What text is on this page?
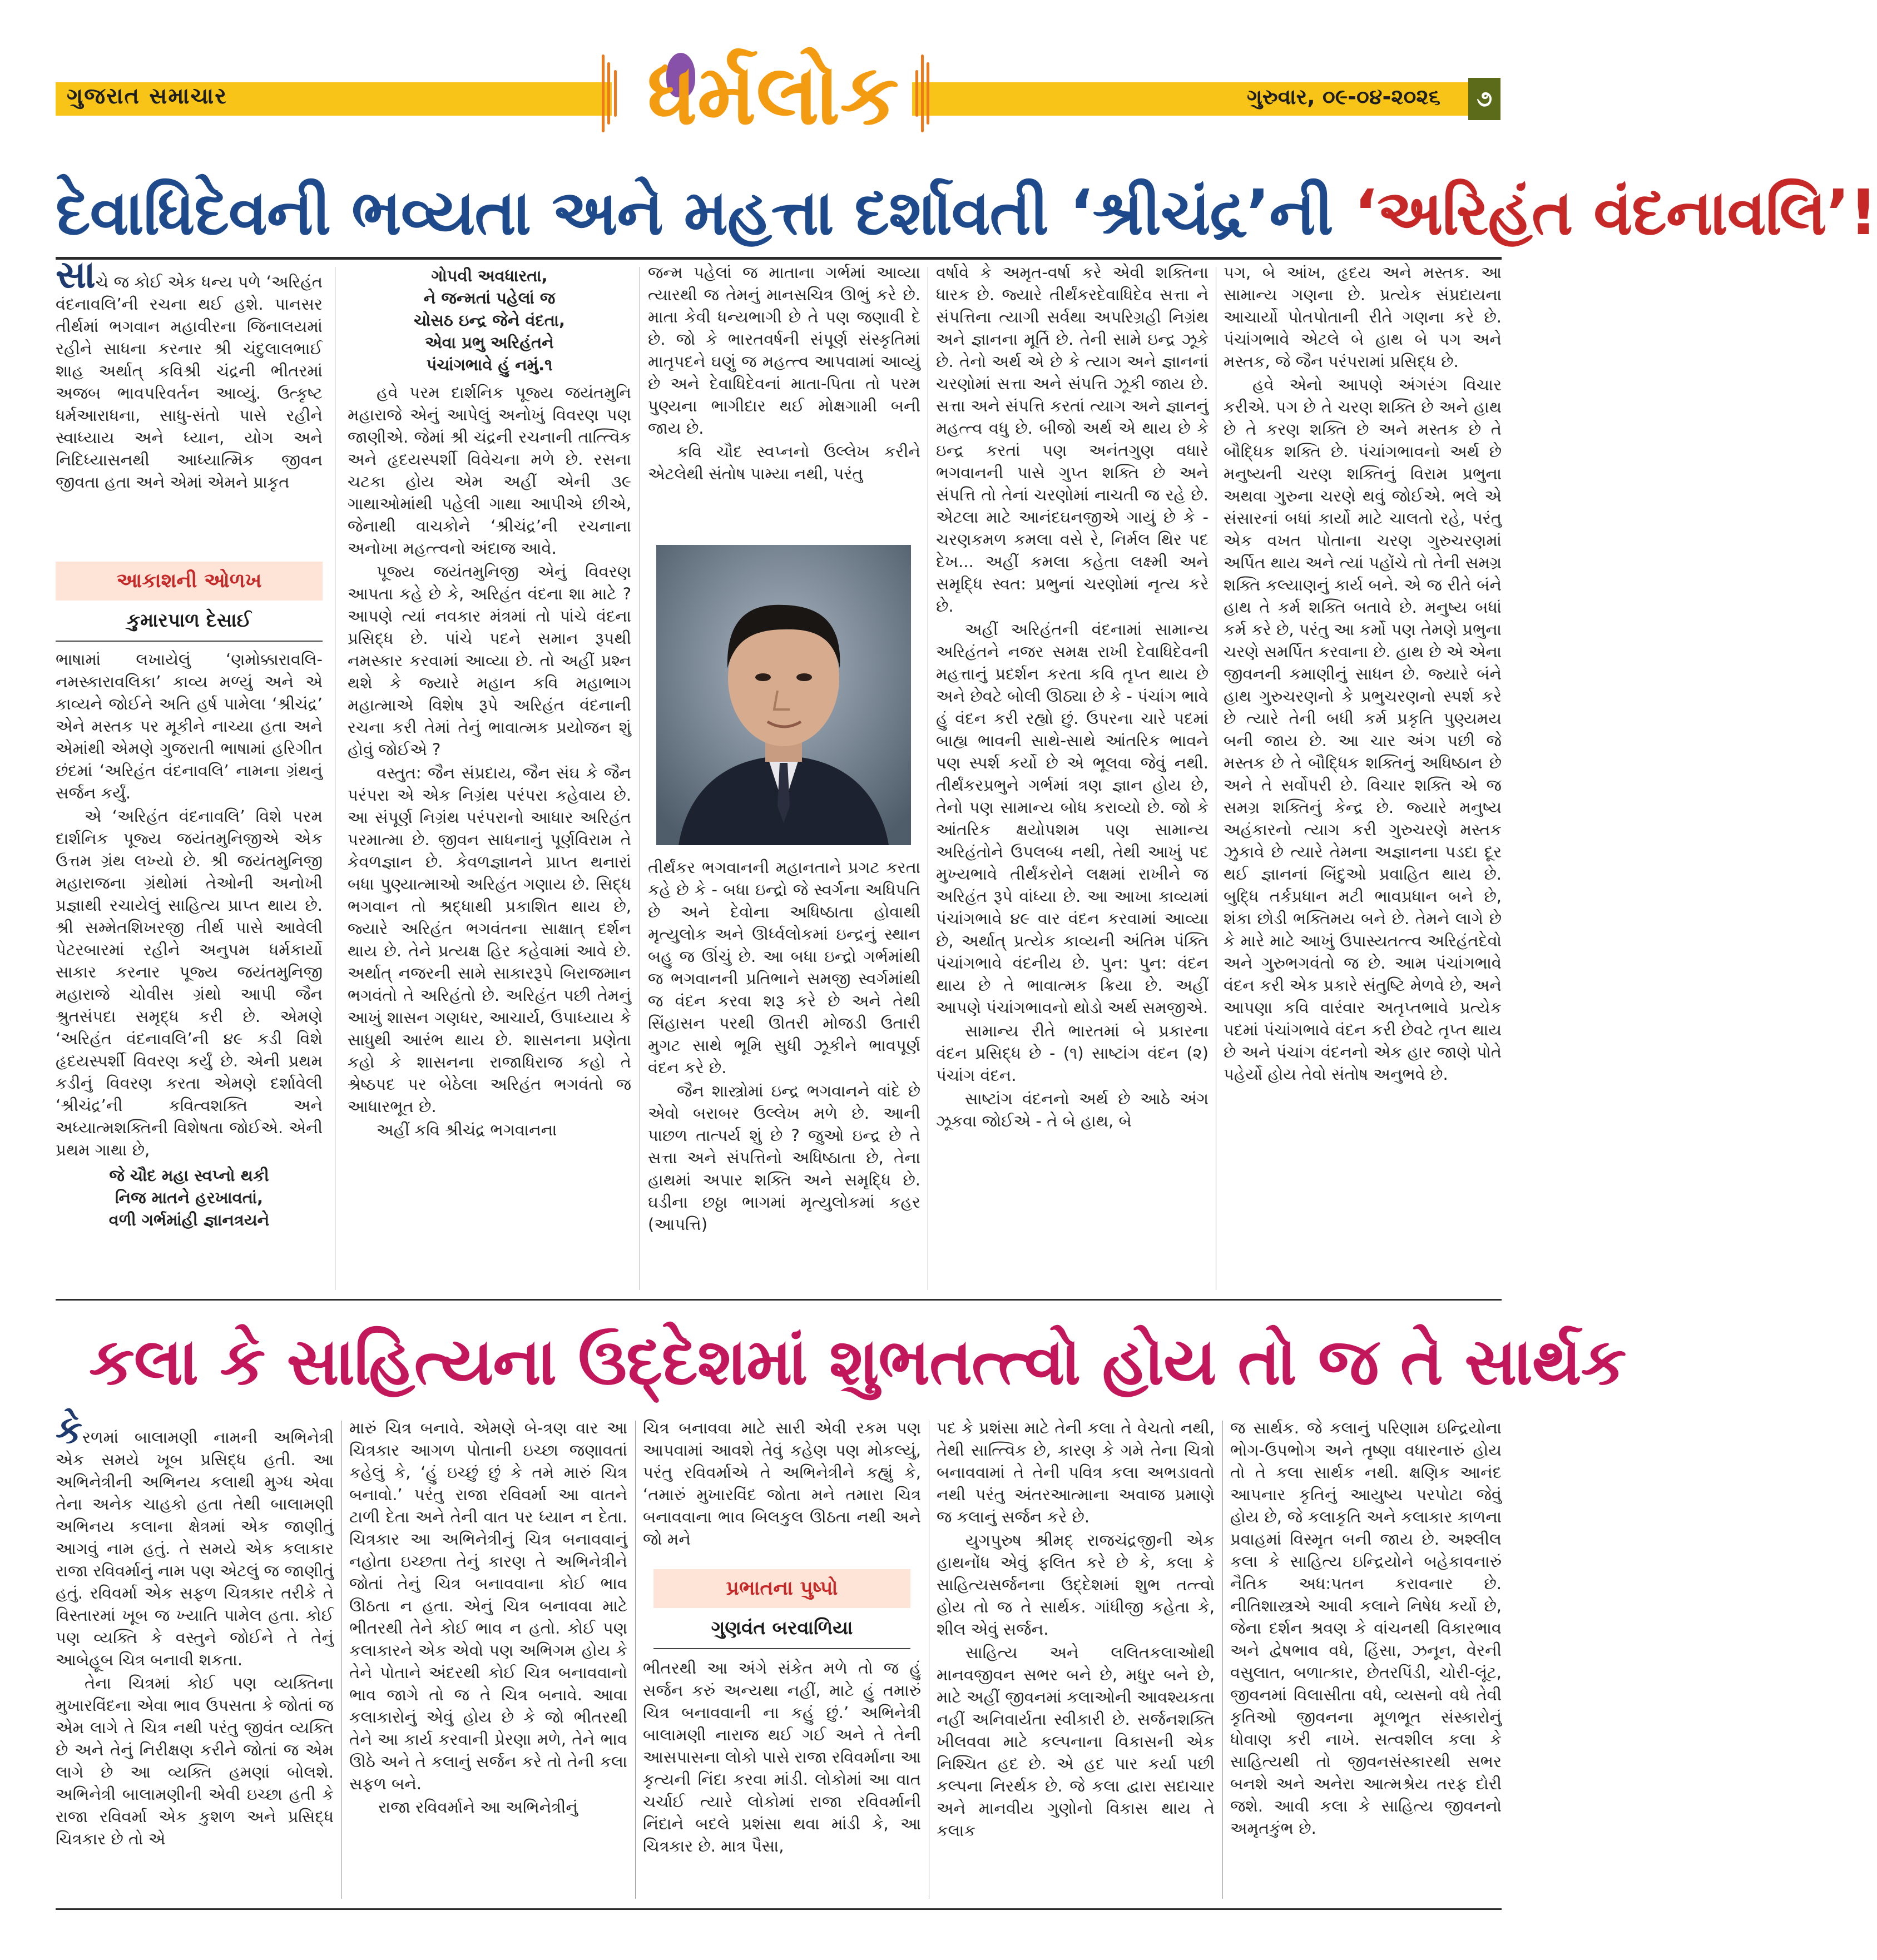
ગુજરાત સમાચાર	ધર્મલોક	ગુરુવાર, ૦૯-૦૪-૨૦૨૬	૭
દેવાધિદેવની ભવ્યતા અને મહત્તા દર્શાવતી ‘શ્રીચંદ્ર’ની ‘અરિહંત વંદનાવલિ’!

સાચે જ કોઈ એક ધન્ય પળે ‘અરિહંત વંદનાવલિ’ની રચના થઈ હશે. પાનસર તીર્થમાં ભગવાન મહાવીરના જિનાલયમાં રહીને સાધના કરનાર શ્રી ચંદુલાલભાઈ શાહ અર્થાત્ કવિશ્રી ચંદ્રની ભીતરમાં અજબ ભાવપરિવર્તન આવ્યું. ઉત્કૃષ્ટ ધર્મઆરાધના, સાધુ-સંતો પાસે રહીને સ્વાધ્યાય અને ધ્યાન, યોગ અને નિદિધ્યાસનથી આધ્યાત્મિક જીવન જીવતા હતા અને એમાં એમને પ્રાકૃત

આકાશની ઓળખ
કુમારપાળ દેસાઈ

ભાષામાં લખાયેલું ‘ણમોક્કારાવલિ-નમસ્કારાવલિકા’ કાવ્ય મળ્યું અને એ કાવ્યને જોઈને અતિ હર્ષ પામેલા ‘શ્રીચંદ્ર’ એને મસ્તક પર મૂકીને નાચ્યા હતા અને એમાંથી એમણે ગુજરાતી ભાષામાં હરિગીત છંદમાં ‘અરિહંત વંદનાવલિ’ નામના ગ્રંથનું સર્જન કર્યું.

એ ‘અરિહંત વંદનાવલિ’ વિશે પરમ દાર્શનિક પૂજ્ય જયંતમુનિજીએ એક ઉત્તમ ગ્રંથ લખ્યો છે. શ્રી જયંતમુનિજી મહારાજના ગ્રંથોમાં તેઓની અનોખી પ્રજ્ઞાથી રચાયેલું સાહિત્ય પ્રાપ્ત થાય છે. શ્રી સમ્મેતશિખરજી તીર્થ પાસે આવેલી પેટરબારમાં રહીને અનુપમ ધર્મકાર્યો સાકાર કરનાર પૂજ્ય જયંતમુનિજી મહારાજે ચોવીસ ગ્રંથો આપી જૈન શ્રુતસંપદા સમૃદ્ધ કરી છે. એમણે ‘અરિહંત વંદનાવલિ’ની ૪૯ કડી વિશે હૃદયસ્પર્શી વિવરણ કર્યું છે. એની પ્રથમ કડીનું વિવરણ કરતા એમણે દર્શાવેલી ‘શ્રીચંદ્ર’ની કવિત્વશક્તિ અને અધ્યાત્મશક્તિની વિશેષતા જોઈએ. એની પ્રથમ ગાથા છે,

જે ચૌદ મહા સ્વપ્નો થકી
નિજ માતને હરખાવતાં,
વળી ગર્ભમાંહી જ્ઞાનત્રયને
ગોપવી અવધારતા,
ને જન્મતાં પહેલાં જ
ચોસઠ ઇન્દ્ર જેને વંદતા,
એવા પ્રભુ અરિહંતને
પંચાંગભાવે હું નમું.૧

હવે પરમ દાર્શનિક પૂજ્ય જયંતમુનિ મહારાજે એનું આપેલું અનોખું વિવરણ પણ જાણીએ. જેમાં શ્રી ચંદ્રની રચનાની તાત્ત્વિક અને હૃદયસ્પર્શી વિવેચના મળે છે. રસના ચટકા હોય એમ અહીં એની ૩૯ ગાથાઓમાંથી પહેલી ગાથા આપીએ છીએ, જેનાથી વાચકોને ‘શ્રીચંદ્ર’ની રચનાના અનોખા મહત્ત્વનો અંદાજ આવે.

પૂજ્ય જયંતમુનિજી એનું વિવરણ આપતા કહે છે કે, અરિહંત વંદના શા માટે ? આપણે ત્યાં નવકાર મંત્રમાં તો પાંચે વંદના પ્રસિદ્ધ છે. પાંચે પદને સમાન રૂપથી નમસ્કાર કરવામાં આવ્યા છે. તો અહીં પ્રશ્ન થશે કે જ્યારે મહાન કવિ મહાભાગ મહાત્માએ વિશેષ રૂપે અરિહંત વંદનાની રચના કરી તેમાં તેનું ભાવાત્મક પ્રયોજન શું હોવું જોઈએ ?

વસ્તુત: જૈન સંપ્રદાય, જૈન સંઘ કે જૈન પરંપરા એ એક નિગ્રંથ પરંપરા કહેવાય છે. આ સંપૂર્ણ નિગ્રંથ પરંપરાનો આધાર અરિહંત પરમાત્મા છે. જીવન સાધનાનું પૂર્ણવિરામ તે કેવળજ્ઞાન છે. કેવળજ્ઞાનને પ્રાપ્ત થનારાં બધા પુણ્યાત્માઓ અરિહંત ગણાય છે. સિદ્ધ ભગવાન તો શ્રદ્ધાથી પ્રકાશિત થાય છે, જ્યારે અરિહંત ભગવંતના સાક્ષાત્ દર્શન થાય છે. તેને પ્રત્યક્ષ હિર કહેવામાં આવે છે. અર્થાત્ નજરની સામે સાકારરૂપે બિરાજમાન ભગવંતો તે અરિહંતો છે. અરિહંત પછી તેમનું આખું શાસન ગણધર, આચાર્ય, ઉપાધ્યાય કે સાધુથી આરંભ થાય છે. શાસનના પ્રણેતા કહો કે શાસનના રાજાધિરાજ કહો તે શ્રેષ્ઠપદ પર બેઠેલા અરિહંત ભગવંતો જ આધારભૂત છે.

અહીં કવિ શ્રીચંદ્ર ભગવાનના

જન્મ પહેલાં જ માતાના ગર્ભમાં આવ્યા ત્યારથી જ તેમનું માનસચિત્ર ઊભું કરે છે. માતા કેવી ધન્યભાગી છે તે પણ જણાવી દે છે. જો કે ભારતવર્ષની સંપૂર્ણ સંસ્કૃતિમાં માતૃપદને ઘણું જ મહત્ત્વ આપવામાં આવ્યું છે અને દેવાધિદેવનાં માતા-પિતા તો પરમ પુણ્યના ભાગીદાર થઈ મોક્ષગામી બની જાય છે.

કવિ ચૌદ સ્વપ્નનો ઉલ્લેખ કરીને એટલેથી સંતોષ પામ્યા નથી, પરંતુ

તીર્થંકર ભગવાનની મહાનતાને પ્રગટ કરતા કહે છે કે - બધા ઇન્દ્રો જે સ્વર્ગના અધિપતિ છે અને દેવોના અધિષ્ઠાતા હોવાથી મૃત્યુલોક અને ઊર્ધ્વલોકમાં ઇન્દ્રનું સ્થાન બહુ જ ઊંચું છે. આ બધા ઇન્દ્રો ગર્ભમાંથી જ ભગવાનની પ્રતિભાને સમજી સ્વર્ગમાંથી જ વંદન કરવા શરૂ કરે છે અને તેથી સિંહાસન પરથી ઊતરી મોજડી ઉતારી મુગટ સાથે ભૂમિ સુધી ઝૂકીને ભાવપૂર્ણ વંદન કરે છે.

જૈન શાસ્ત્રોમાં ઇન્દ્ર ભગવાનને વાંદે છે એવો બરાબર ઉલ્લેખ મળે છે. આની પાછળ તાત્પર્ય શું છે ? જુઓ ઇન્દ્ર છે તે સત્તા અને સંપત્તિનો અધિષ્ઠાતા છે, તેના હાથમાં અપાર શક્તિ અને સમૃદ્ધિ છે. ઘડીના છઠ્ઠા ભાગમાં મૃત્યુલોકમાં કહર (આપત્તિ)

વર્ષાવે કે અમૃત-વર્ષા કરે એવી શક્તિના ધારક છે. જ્યારે તીર્થંકરદેવાધિદેવ સત્તા ને સંપત્તિના ત્યાગી સર્વથા અપરિગ્રહી નિગ્રંથ અને જ્ઞાનના મૂર્તિ છે. તેની સામે ઇન્દ્ર ઝૂકે છે. તેનો અર્થ એ છે કે ત્યાગ અને જ્ઞાનનાં ચરણોમાં સત્તા અને સંપત્તિ ઝૂકી જાય છે. સત્તા અને સંપત્તિ કરતાં ત્યાગ અને જ્ઞાનનું મહત્ત્વ વધુ છે. બીજો અર્થ એ થાય છે કે ઇન્દ્ર કરતાં પણ અનંતગુણ વધારે ભગવાનની પાસે ગુપ્ત શક્તિ છે અને સંપત્તિ તો તેનાં ચરણોમાં નાચતી જ રહે છે. એટલા માટે આનંદઘનજીએ ગાયું છે કે - ચરણકમળ કમલા વસે રે, નિર્મલ થિર પદ દેખ... અહીં કમલા કહેતા લક્ષ્મી અને સમૃદ્ધિ સ્વત: પ્રભુનાં ચરણોમાં નૃત્ય કરે છે.

અહીં અરિહંતની વંદનામાં સામાન્ય અરિહંતને નજર સમક્ષ રાખી દેવાધિદેવની મહત્તાનું પ્રદર્શન કરતા કવિ તૃપ્ત થાય છે અને છેવટે બોલી ઊઠ્યા છે કે - પંચાંગ ભાવે હું વંદન કરી રહ્યો છું. ઉપરના ચારે પદમાં બાહ્ય ભાવની સાથે-સાથે આંતરિક ભાવને પણ સ્પર્શ કર્યો છે એ ભૂલવા જેવું નથી. તીર્થંકરપ્રભુને ગર્ભમાં ત્રણ જ્ઞાન હોય છે, તેનો પણ સામાન્ય બોધ કરાવ્યો છે. જો કે આંતરિક ક્ષયોપશમ પણ સામાન્ય અરિહંતોને ઉપલબ્ધ નથી, તેથી આખું પદ મુખ્યભાવે તીર્થંકરોને લક્ષમાં રાખીને જ અરિહંત રૂપે વાંધ્યા છે. આ આખા કાવ્યમાં પંચાંગભાવે ૪૯ વાર વંદન કરવામાં આવ્યા છે, અર્થાત્ પ્રત્યેક કાવ્યની અંતિમ પંક્તિ પંચાંગભાવે વંદનીય છે. પુન: પુન: વંદન થાય છે તે ભાવાત્મક ક્રિયા છે. અહીં આપણે પંચાંગભાવનો થોડો અર્થ સમજીએ.

સામાન્ય રીતે ભારતમાં બે પ્રકારના વંદન પ્રસિદ્ધ છે - (૧) સાષ્ટાંગ વંદન (૨) પંચાંગ વંદન.

સાષ્ટાંગ વંદનનો અર્થ છે આઠે અંગ ઝૂકવા જોઈએ - તે બે હાથ, બે

પગ, બે આંખ, હૃદય અને મસ્તક. આ સામાન્ય ગણના છે. પ્રત્યેક સંપ્રદાયના આચાર્યો પોતપોતાની રીતે ગણના કરે છે. પંચાંગભાવે એટલે બે હાથ બે પગ અને મસ્તક, જે જૈન પરંપરામાં પ્રસિદ્ધ છે.

હવે એનો આપણે અંગરંગ વિચાર કરીએ. પગ છે તે ચરણ શક્તિ છે અને હાથ છે તે કરણ શક્તિ છે અને મસ્તક છે તે બૌદ્ધિક શક્તિ છે. પંચાંગભાવનો અર્થ છે મનુષ્યની ચરણ શક્તિનું વિરામ પ્રભુના અથવા ગુરુના ચરણે થવું જોઈએ. ભલે એ સંસારનાં બધાં કાર્યો માટે ચાલતો રહે, પરંતુ એક વખત પોતાના ચરણ ગુરુચરણમાં અર્પિત થાય અને ત્યાં પહોંચે તો તેની સમગ્ર શક્તિ કલ્યાણનું કાર્ય બને. એ જ રીતે બંને હાથ તે કર્મ શક્તિ બતાવે છે. મનુષ્ય બધાં કર્મ કરે છે, પરંતુ આ કર્મો પણ તેમણે પ્રભુના ચરણે સમર્પિત કરવાના છે. હાથ છે એ એના જીવનની કમાણીનું સાધન છે. જ્યારે બંને હાથ ગુરુચરણનો કે પ્રભુચરણનો સ્પર્શ કરે છે ત્યારે તેની બધી કર્મ પ્રકૃતિ પુણ્યમય બની જાય છે. આ ચાર અંગ પછી જે મસ્તક છે તે બૌદ્ધિક શક્તિનું અધિષ્ઠાન છે અને તે સર્વોપરી છે. વિચાર શક્તિ એ જ સમગ્ર શક્તિનું કેન્દ્ર છે. જ્યારે મનુષ્ય અહંકારનો ત્યાગ કરી ગુરુચરણે મસ્તક ઝુકાવે છે ત્યારે તેમના અજ્ઞાનના પડદા દૂર થઈ જ્ઞાનનાં બિંદુઓ પ્રવાહિત થાય છે. બુદ્ધિ તર્કપ્રધાન મટી ભાવપ્રધાન બને છે, શંકા છોડી ભક્તિમય બને છે. તેમને લાગે છે કે મારે માટે આખું ઉપાસ્યતત્ત્વ અરિહંતદેવો અને ગુરુભગવંતો જ છે. આમ પંચાંગભાવે વંદન કરી એક પ્રકારે સંતુષ્ટિ મેળવે છે, અને આપણા કવિ વારંવાર અતૃપ્તભાવે પ્રત્યેક પદમાં પંચાંગભાવે વંદન કરી છેવટે તૃપ્ત થાય છે અને પંચાંગ વંદનનો એક હાર જાણે પોતે પહેર્યો હોય તેવો સંતોષ અનુભવે છે.

કલા કે સાહિત્યના ઉદ્દેશમાં શુભતત્ત્વો હોય તો જ તે સાર્થક

કેરળમાં બાલામણી નામની અભિનેત્રી એક સમયે ખૂબ પ્રસિદ્ધ હતી. આ અભિનેત્રીની અભિનય કલાથી મુગ્ધ એવા તેના અનેક ચાહકો હતા તેથી બાલામણી અભિનય કલાના ક્ષેત્રમાં એક જાણીતું આગવું નામ હતું. તે સમયે એક કલાકાર રાજા રવિવર્માનું નામ પણ એટલું જ જાણીતું હતું. રવિવર્મા એક સફળ ચિત્રકાર તરીકે તે વિસ્તારમાં ખૂબ જ ખ્યાતિ પામેલ હતા. કોઈ પણ વ્યક્તિ કે વસ્તુને જોઈને તે તેનું આબેહૂબ ચિત્ર બનાવી શકતા.

તેના ચિત્રમાં કોઈ પણ વ્યક્તિના મુખારવિંદના એવા ભાવ ઉપસતા કે જોતાં જ એમ લાગે તે ચિત્ર નથી પરંતુ જીવંત વ્યક્તિ છે અને તેનું નિરીક્ષણ કરીને જોતાં જ એમ લાગે છે આ વ્યક્તિ હમણાં બોલશે. અભિનેત્રી બાલામણીની એવી ઇચ્છા હતી કે રાજા રવિવર્મા એક કુશળ અને પ્રસિદ્ધ ચિત્રકાર છે તો એ

મારું ચિત્ર બનાવે. એમણે બે-ત્રણ વાર આ ચિત્રકાર આગળ પોતાની ઇચ્છા જણાવતાં કહેલું કે, ‘હું ઇચ્છું છું કે તમે મારું ચિત્ર બનાવો.’ પરંતુ રાજા રવિવર્મા આ વાતને ટાળી દેતા અને તેની વાત પર ધ્યાન ન દેતા. ચિત્રકાર આ અભિનેત્રીનું ચિત્ર બનાવવાનું નહોતા ઇચ્છતા તેનું કારણ તે અભિનેત્રીને જોતાં તેનું ચિત્ર બનાવવાના કોઈ ભાવ ઊઠતા ન હતા. એનું ચિત્ર બનાવવા માટે ભીતરથી તેને કોઈ ભાવ ન હતો. કોઈ પણ કલાકારને એક એવો પણ અભિગમ હોય કે તેને પોતાને અંદરથી કોઈ ચિત્ર બનાવવાનો ભાવ જાગે તો જ તે ચિત્ર બનાવે. આવા કલાકારોનું એવું હોય છે કે જો ભીતરથી તેને આ કાર્ય કરવાની પ્રેરણા મળે, તેને ભાવ ઊઠે અને તે કલાનું સર્જન કરે તો તેની કલા સફળ બને.

રાજા રવિવર્માને આ અભિનેત્રીનું

ચિત્ર બનાવવા માટે સારી એવી રકમ પણ આપવામાં આવશે તેવું કહેણ પણ મોકલ્યું, પરંતુ રવિવર્માએ તે અભિનેત્રીને કહ્યું કે, ‘તમારું મુખારવિંદ જોતા મને તમારા ચિત્ર બનાવવાના ભાવ બિલકુલ ઊઠતા નથી અને જો મને

પ્રભાતના પુષ્પો
ગુણવંત બરવાળિયા

ભીતરથી આ અંગે સંકેત મળે તો જ હું સર્જન કરું અન્યથા નહીં, માટે હું તમારું ચિત્ર બનાવવાની ના કહું છું.’ અભિનેત્રી બાલામણી નારાજ થઈ ગઈ અને તે તેની આસપાસના લોકો પાસે રાજા રવિવર્માના આ કૃત્યની નિંદા કરવા માંડી. લોકોમાં આ વાત ચર્ચાઈ ત્યારે લોકોમાં રાજા રવિવર્માની નિંદાને બદલે પ્રશંસા થવા માંડી કે, આ ચિત્રકાર છે. માત્ર પૈસા,

પદ કે પ્રશંસા માટે તેની કલા તે વેચતો નથી, તેથી સાત્ત્વિક છે, કારણ કે ગમે તેના ચિત્રો બનાવવામાં તે તેની પવિત્ર કલા અભડાવતો નથી પરંતુ અંતરઆત્માના અવાજ પ્રમાણે જ કલાનું સર્જન કરે છે.

યુગપુરુષ શ્રીમદ્ રાજચંદ્રજીની એક હાથનોંધ એવું ફલિત કરે છે કે, કલા કે સાહિત્યસર્જનના ઉદ્દેશમાં શુભ તત્ત્વો હોય તો જ તે સાર્થક. ગાંધીજી કહેતા કે, શીલ એવું સર્જન.

સાહિત્ય અને લલિતકલાઓથી માનવજીવન સભર બને છે, મધુર બને છે, માટે અહીં જીવનમાં કલાઓની આવશ્યકતા નહીં અનિવાર્યતા સ્વીકારી છે. સર્જનશક્તિ ખીલવવા માટે કલ્પનાના વિકાસની એક નિશ્ચિત હદ છે. એ હદ પાર કર્યા પછી કલ્પના નિરર્થક છે. જે કલા દ્વારા સદાચાર અને માનવીય ગુણોનો વિકાસ થાય તે કલાક

જ સાર્થક. જે કલાનું પરિણામ ઇન્દ્રિયોના ભોગ-ઉપભોગ અને તૃષ્ણા વધારનારું હોય તો તે કલા સાર્થક નથી. ક્ષણિક આનંદ આપનાર કૃતિનું આયુષ્ય પરપોટા જેવું હોય છે, જે કલાકૃતિ અને કલાકાર કાળના પ્રવાહમાં વિસ્મૃત બની જાય છે. અશ્લીલ કલા કે સાહિત્ય ઇન્દ્રિયોને બહેકાવનારું નૈતિક અધ:પતન કરાવનાર છે. નીતિશાસ્ત્રએ આવી કલાને નિષેધ કર્યો છે, જેના દર્શન શ્રવણ કે વાંચનથી વિકારભાવ અને દ્વેષભાવ વધે, હિંસા, ઝનૂન, વેરની વસુલાત, બળાત્કાર, છેતરપિંડી, ચોરી-લૂંટ, જીવનમાં વિલાસીતા વધે, વ્યસનો વધે તેવી કૃતિઓ જીવનના મૂળભૂત સંસ્કારોનું ધોવાણ કરી નાખે. સત્વશીલ કલા કે સાહિત્યથી તો જીવનસંસ્કારથી સભર બનશે અને અનેરા આત્મશ્રેય તરફ દોરી જશે. આવી કલા કે સાહિત્ય જીવનનો અમૃતકુંભ છે.
